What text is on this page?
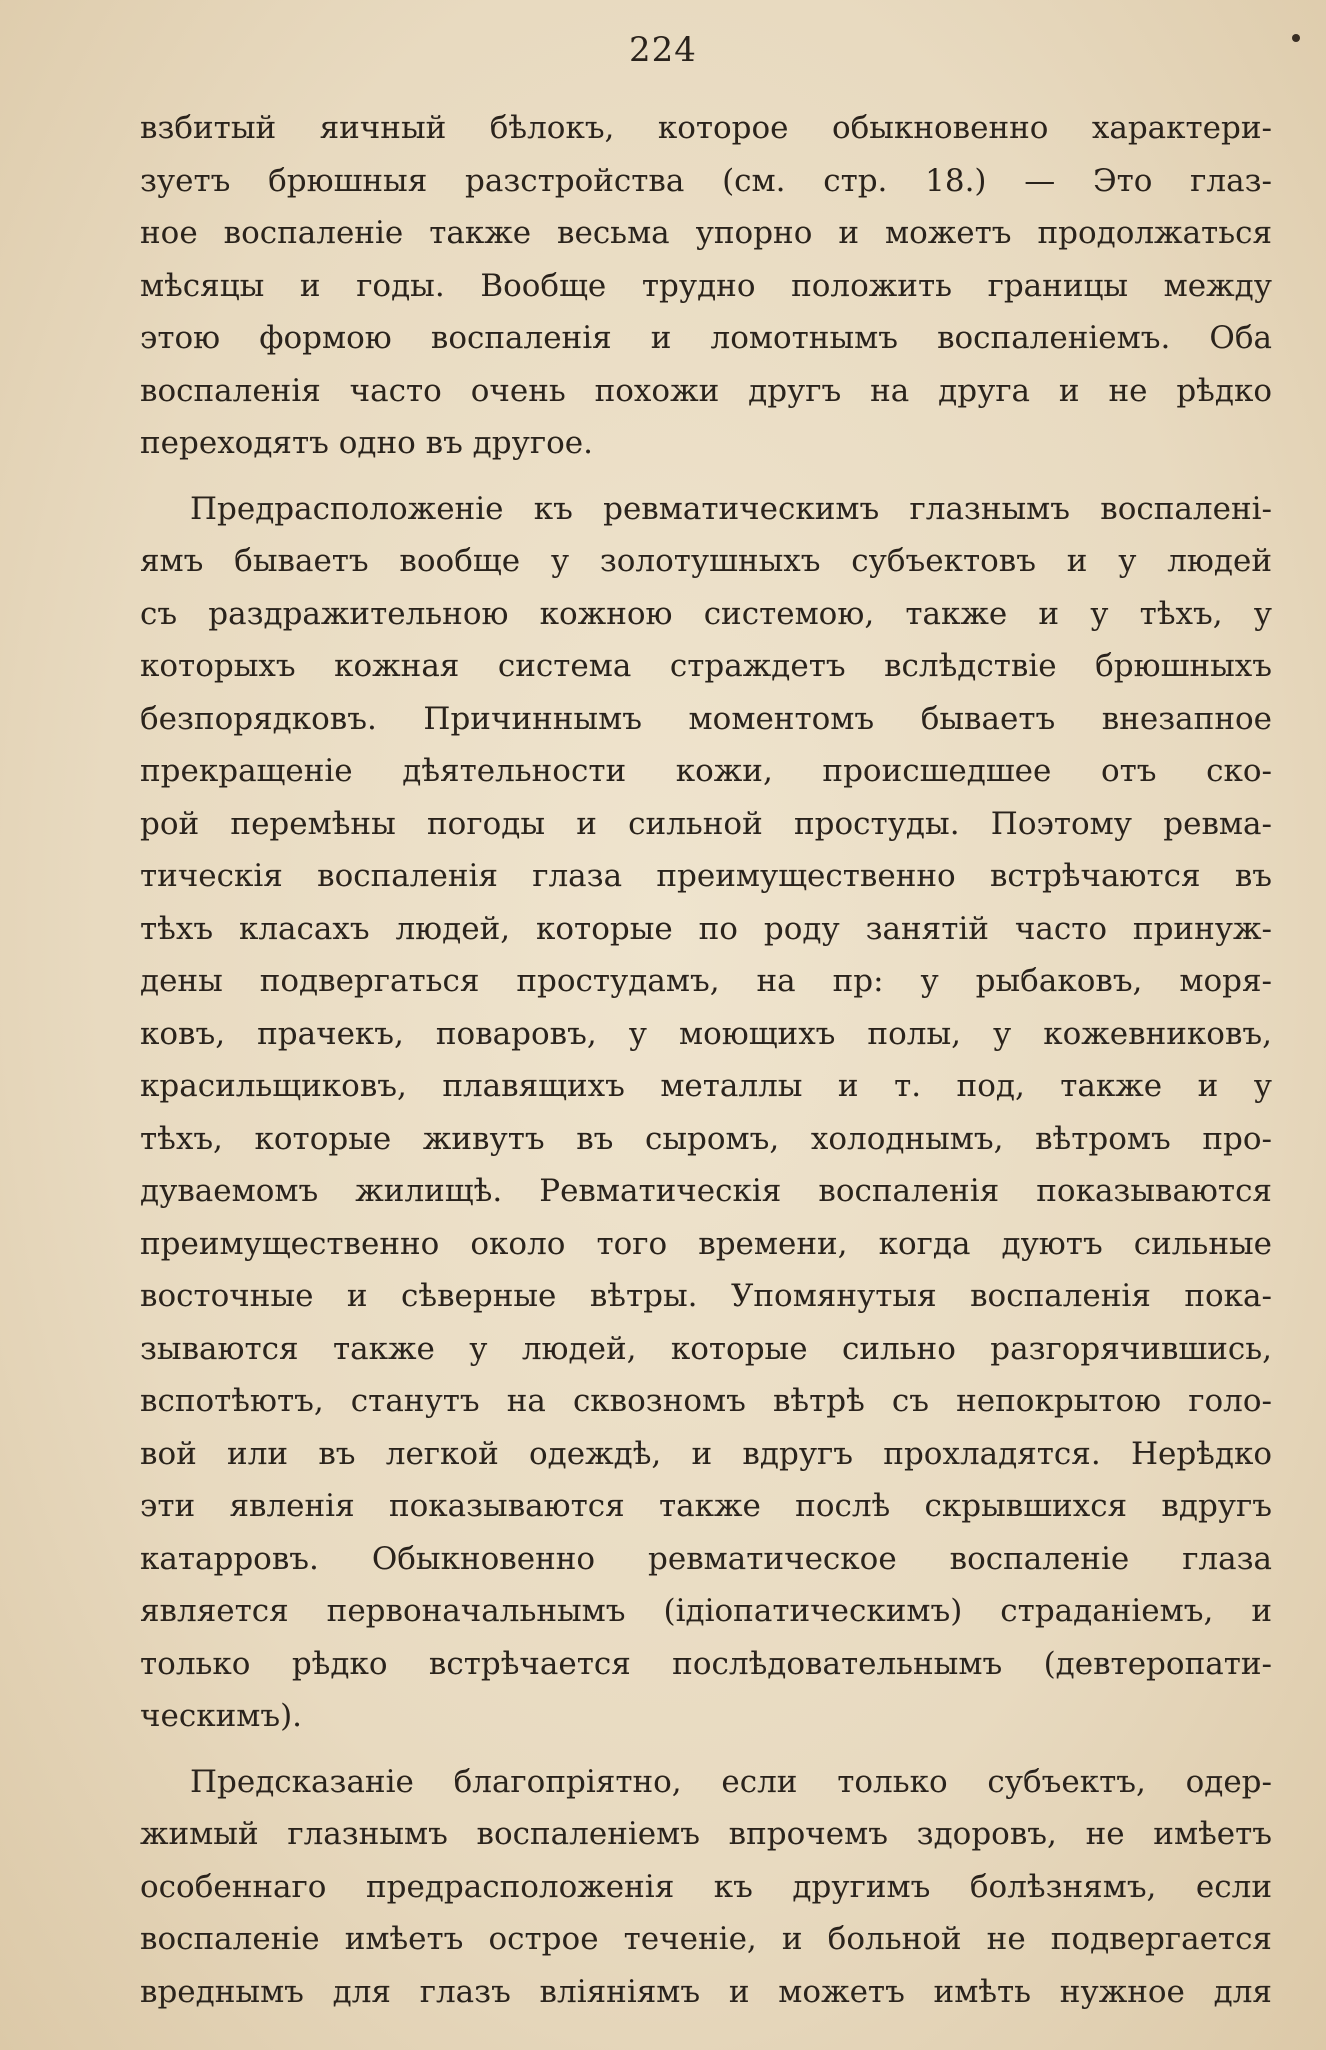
224

взбитый яичный бѣлокъ, которое обыкновенно характери-
зуетъ брюшныя разстройства (см. стр. 18.) — Это глаз-
ное воспаленіе также весьма упорно и можетъ продолжаться
мѣсяцы и годы. Вообще трудно положить границы между
этою формою воспаленія и ломотнымъ воспаленіемъ. Оба
воспаленія часто очень похожи другъ на друга и не рѣдко
переходятъ одно въ другое.

Предрасположеніе къ ревматическимъ глазнымъ воспалені-
ямъ бываетъ вообще у золотушныхъ субъектовъ и у людей
съ раздражительною кожною системою, также и у тѣхъ, у
которыхъ кожная система страждетъ вслѣдствіе брюшныхъ
безпорядковъ. Причиннымъ моментомъ бываетъ внезапное
прекращеніе дѣятельности кожи, происшедшее отъ ско-
рой перемѣны погоды и сильной простуды. Поэтому ревма-
тическія воспаленія глаза преимущественно встрѣчаются въ
тѣхъ класахъ людей, которые по роду занятій часто принуж-
дены подвергаться простудамъ, на пр: у рыбаковъ, моря-
ковъ, прачекъ, поваровъ, у моющихъ полы, у кожевниковъ,
красильщиковъ, плавящихъ металлы и т. под, также и у
тѣхъ, которые живутъ въ сыромъ, холоднымъ, вѣтромъ про-
дуваемомъ жилищѣ. Ревматическія воспаленія показываются
преимущественно около того времени, когда дуютъ сильные
восточные и сѣверные вѣтры. Упомянутыя воспаленія пока-
зываются также у людей, которые сильно разгорячившись,
вспотѣютъ, станутъ на сквозномъ вѣтрѣ съ непокрытою голо-
вой или въ легкой одеждѣ, и вдругъ прохладятся. Нерѣдко
эти явленія показываются также послѣ скрывшихся вдругъ
катарровъ. Обыкновенно ревматическое воспаленіе глаза
является первоначальнымъ (ідіопатическимъ) страданіемъ, и
только рѣдко встрѣчается послѣдовательнымъ (девтеропати-
ческимъ).

Предсказаніе благопріятно, если только субъектъ, одер-
жимый глазнымъ воспаленіемъ впрочемъ здоровъ, не имѣетъ
особеннаго предрасположенія къ другимъ болѣзнямъ, если
воспаленіе имѣетъ острое теченіе, и больной не подвергается
вреднымъ для глазъ вліяніямъ и можетъ имѣть нужное для
